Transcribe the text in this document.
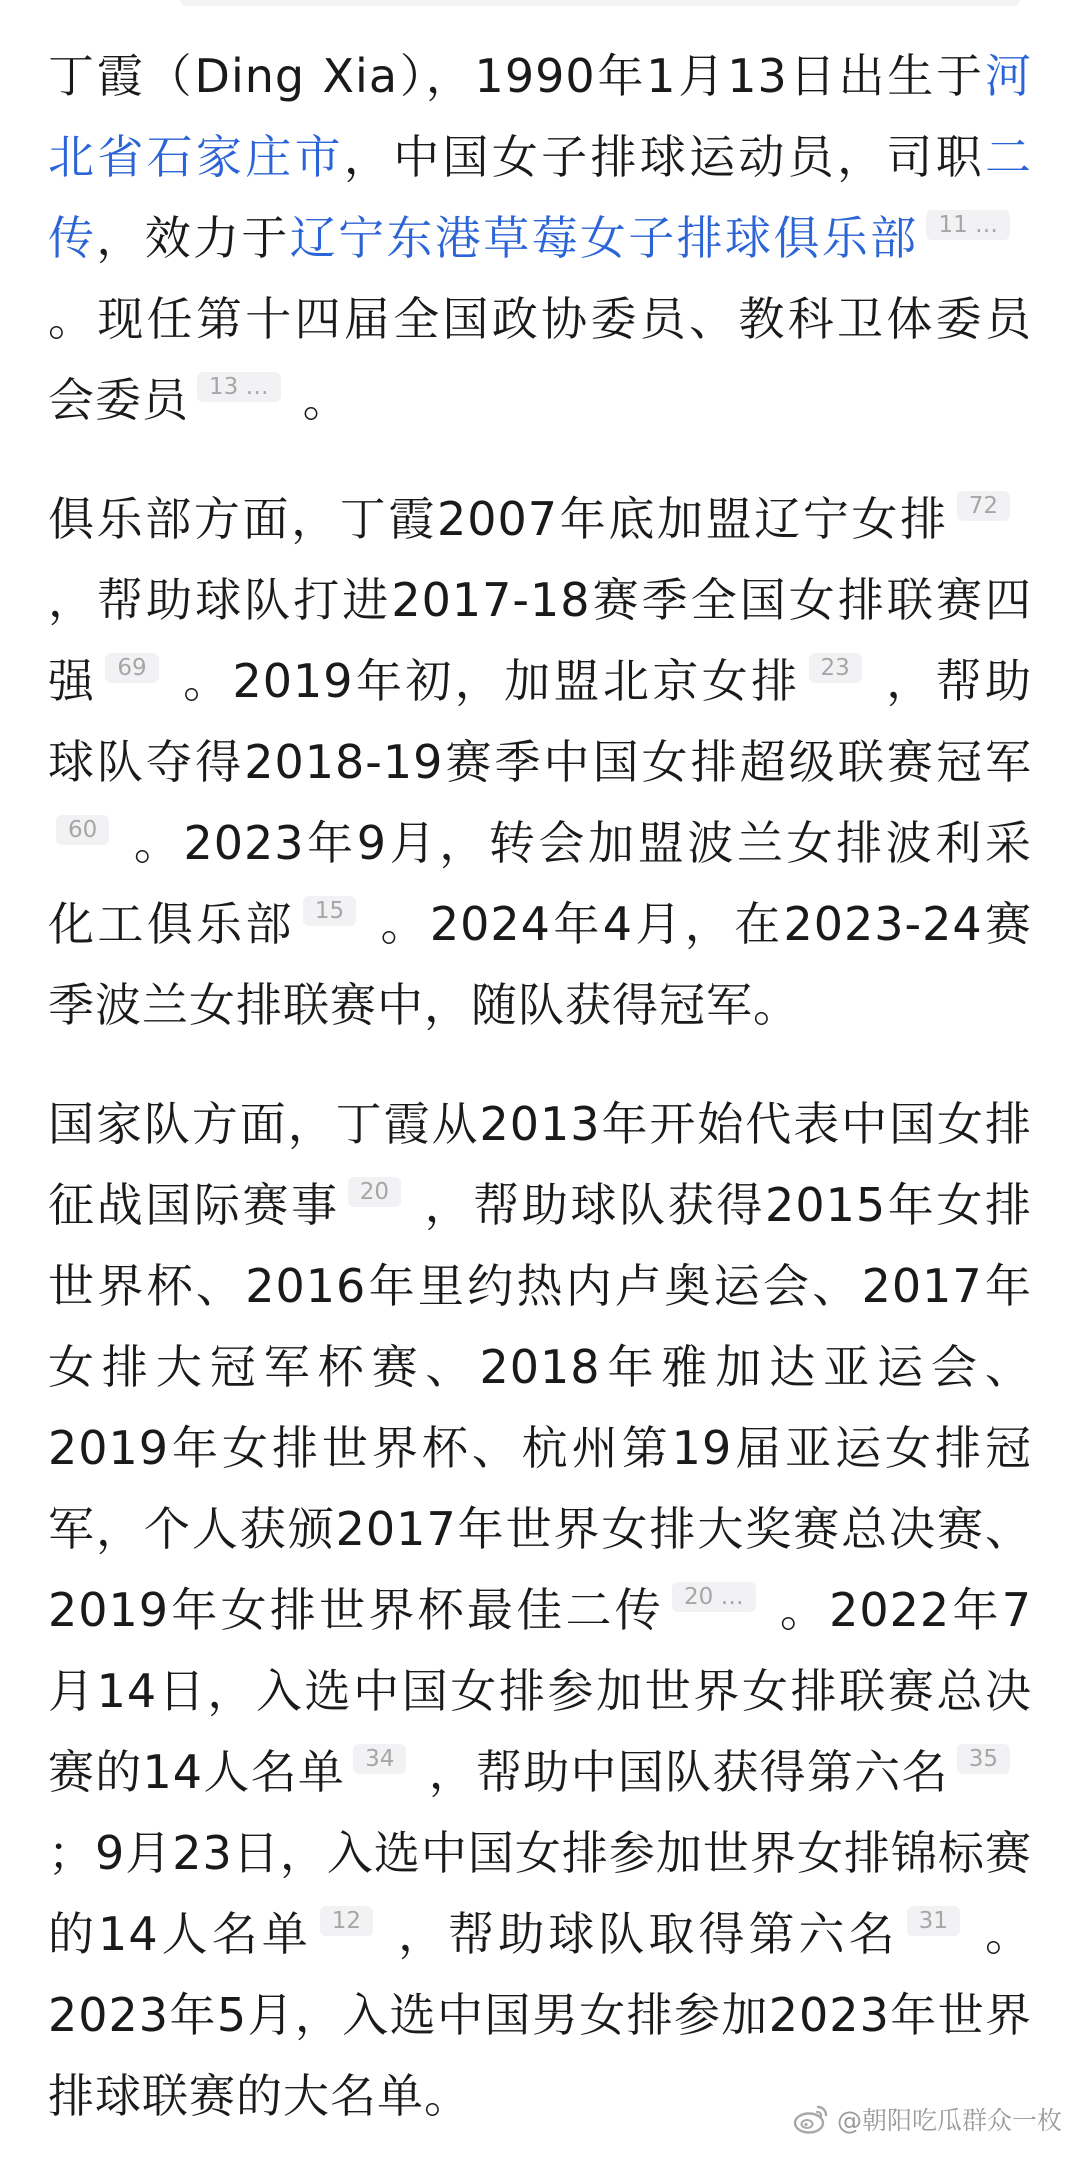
丁霞（Ding Xia），1990年1月13日出生于河北省石家庄市，中国女子排球运动员，司职二传，效力于辽宁东港草莓女子排球俱乐部 11 …。现任第十四届全国政协委员、教科卫体委员会委员 13 … 。

俱乐部方面，丁霞2007年底加盟辽宁女排 72，帮助球队打进2017-18赛季全国女排联赛四强 69 。2019年初，加盟北京女排 23 ，帮助球队夺得2018-19赛季中国女排超级联赛冠军60 。2023年9月，转会加盟波兰女排波利采化工俱乐部 15 。2024年4月，在2023-24赛季波兰女排联赛中，随队获得冠军。

国家队方面，丁霞从2013年开始代表中国女排征战国际赛事 20 ，帮助球队获得2015年女排世界杯、2016年里约热内卢奥运会、2017年女排大冠军杯赛、2018年雅加达亚运会、2019年女排世界杯、杭州第19届亚运女排冠军，个人获颁2017年世界女排大奖赛总决赛、2019年女排世界杯最佳二传 20 … 。2022年7月14日，入选中国女排参加世界女排联赛总决赛的14人名单 34 ，帮助中国队获得第六名 35；9月23日，入选中国女排参加世界女排锦标赛的14人名单 12 ，帮助球队取得第六名 31 。2023年5月，入选中国男女排参加2023年世界排球联赛的大名单。	@朝阳吃瓜群众一枚
